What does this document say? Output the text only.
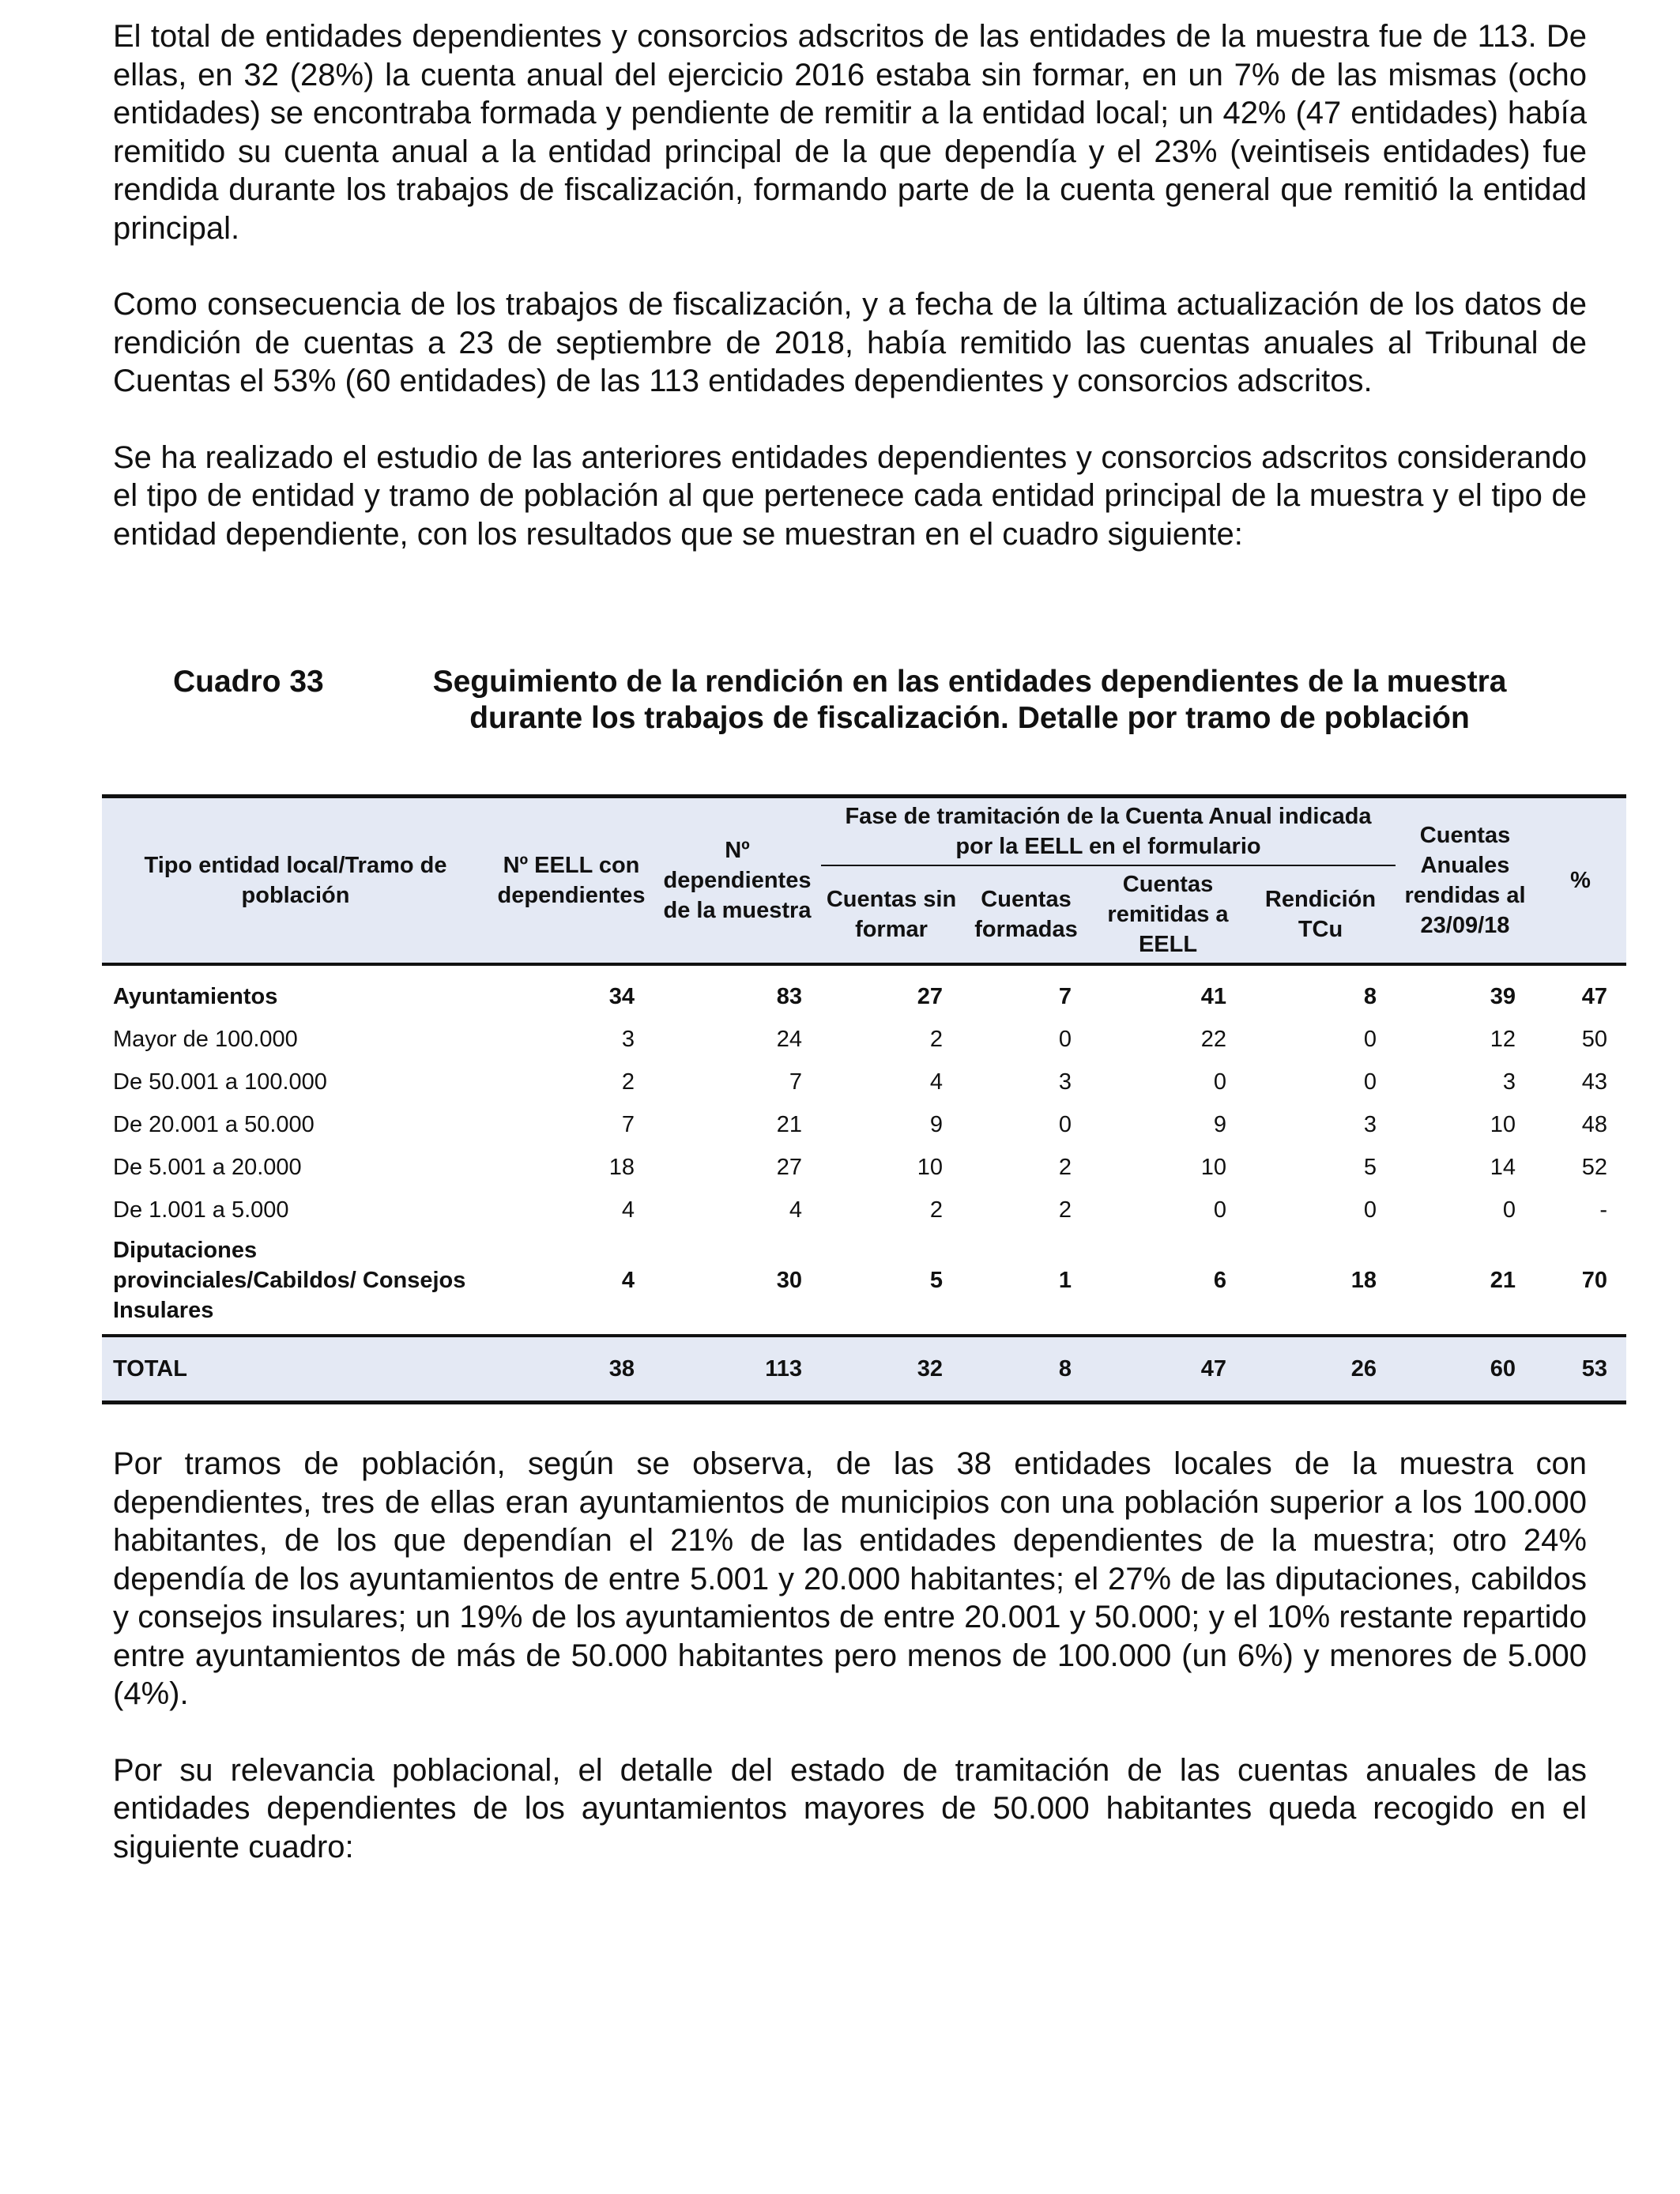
El total de entidades dependientes y consorcios adscritos de las entidades de la muestra fue de 113. De ellas, en 32 (28%) la cuenta anual del ejercicio 2016 estaba sin formar, en un 7% de las mismas (ocho entidades) se encontraba formada y pendiente de remitir a la entidad local; un 42% (47 entidades) había remitido su cuenta anual a la entidad principal de la que dependía y el 23% (veintiseis entidades) fue rendida durante los trabajos de fiscalización, formando parte de la cuenta general que remitió la entidad principal.

Como consecuencia de los trabajos de fiscalización, y a fecha de la última actualización de los datos de rendición de cuentas a 23 de septiembre de 2018, había remitido las cuentas anuales al Tribunal de Cuentas el 53% (60 entidades) de las 113 entidades dependientes y consorcios adscritos.

Se ha realizado el estudio de las anteriores entidades dependientes y consorcios adscritos considerando el tipo de entidad y tramo de población al que pertenece cada entidad principal de la muestra y el tipo de entidad dependiente, con los resultados que se muestran en el cuadro siguiente:

Cuadro 33	Seguimiento de la rendición en las entidades dependientes de la muestra
durante los trabajos de fiscalización. Detalle por tramo de población
Tipo entidad local/Tramo de población	Nº EELL con dependientes	Nº dependientes de la muestra	Fase de tramitación de la Cuenta Anual indicada por la EELL en el formulario				Cuentas Anuales rendidas al 23/09/18	%
			Cuentas sin formar	Cuentas formadas	Cuentas remitidas a EELL	Rendición TCu		
Ayuntamientos	34	83	27	7	41	8	39	47
Mayor de 100.000	3	24	2	0	22	0	12	50
De 50.001 a 100.000	2	7	4	3	0	0	3	43
De 20.001 a 50.000	7	21	9	0	9	3	10	48
De 5.001 a 20.000	18	27	10	2	10	5	14	52
De 1.001 a 5.000	4	4	2	2	0	0	0	-
Diputaciones provinciales/Cabildos/ Consejos Insulares	4	30	5	1	6	18	21	70
TOTAL	38	113	32	8	47	26	60	53

Por tramos de población, según se observa, de las 38 entidades locales de la muestra con dependientes, tres de ellas eran ayuntamientos de municipios con una población superior a los 100.000 habitantes, de los que dependían el 21% de las entidades dependientes de la muestra; otro 24% dependía de los ayuntamientos de entre 5.001 y 20.000 habitantes; el 27% de las diputaciones, cabildos y consejos insulares; un 19% de los ayuntamientos de entre 20.001 y 50.000; y el 10% restante repartido entre ayuntamientos de más de 50.000 habitantes pero menos de 100.000 (un 6%) y menores de 5.000 (4%).

Por su relevancia poblacional, el detalle del estado de tramitación de las cuentas anuales de las entidades dependientes de los ayuntamientos mayores de 50.000 habitantes queda recogido en el siguiente cuadro:
